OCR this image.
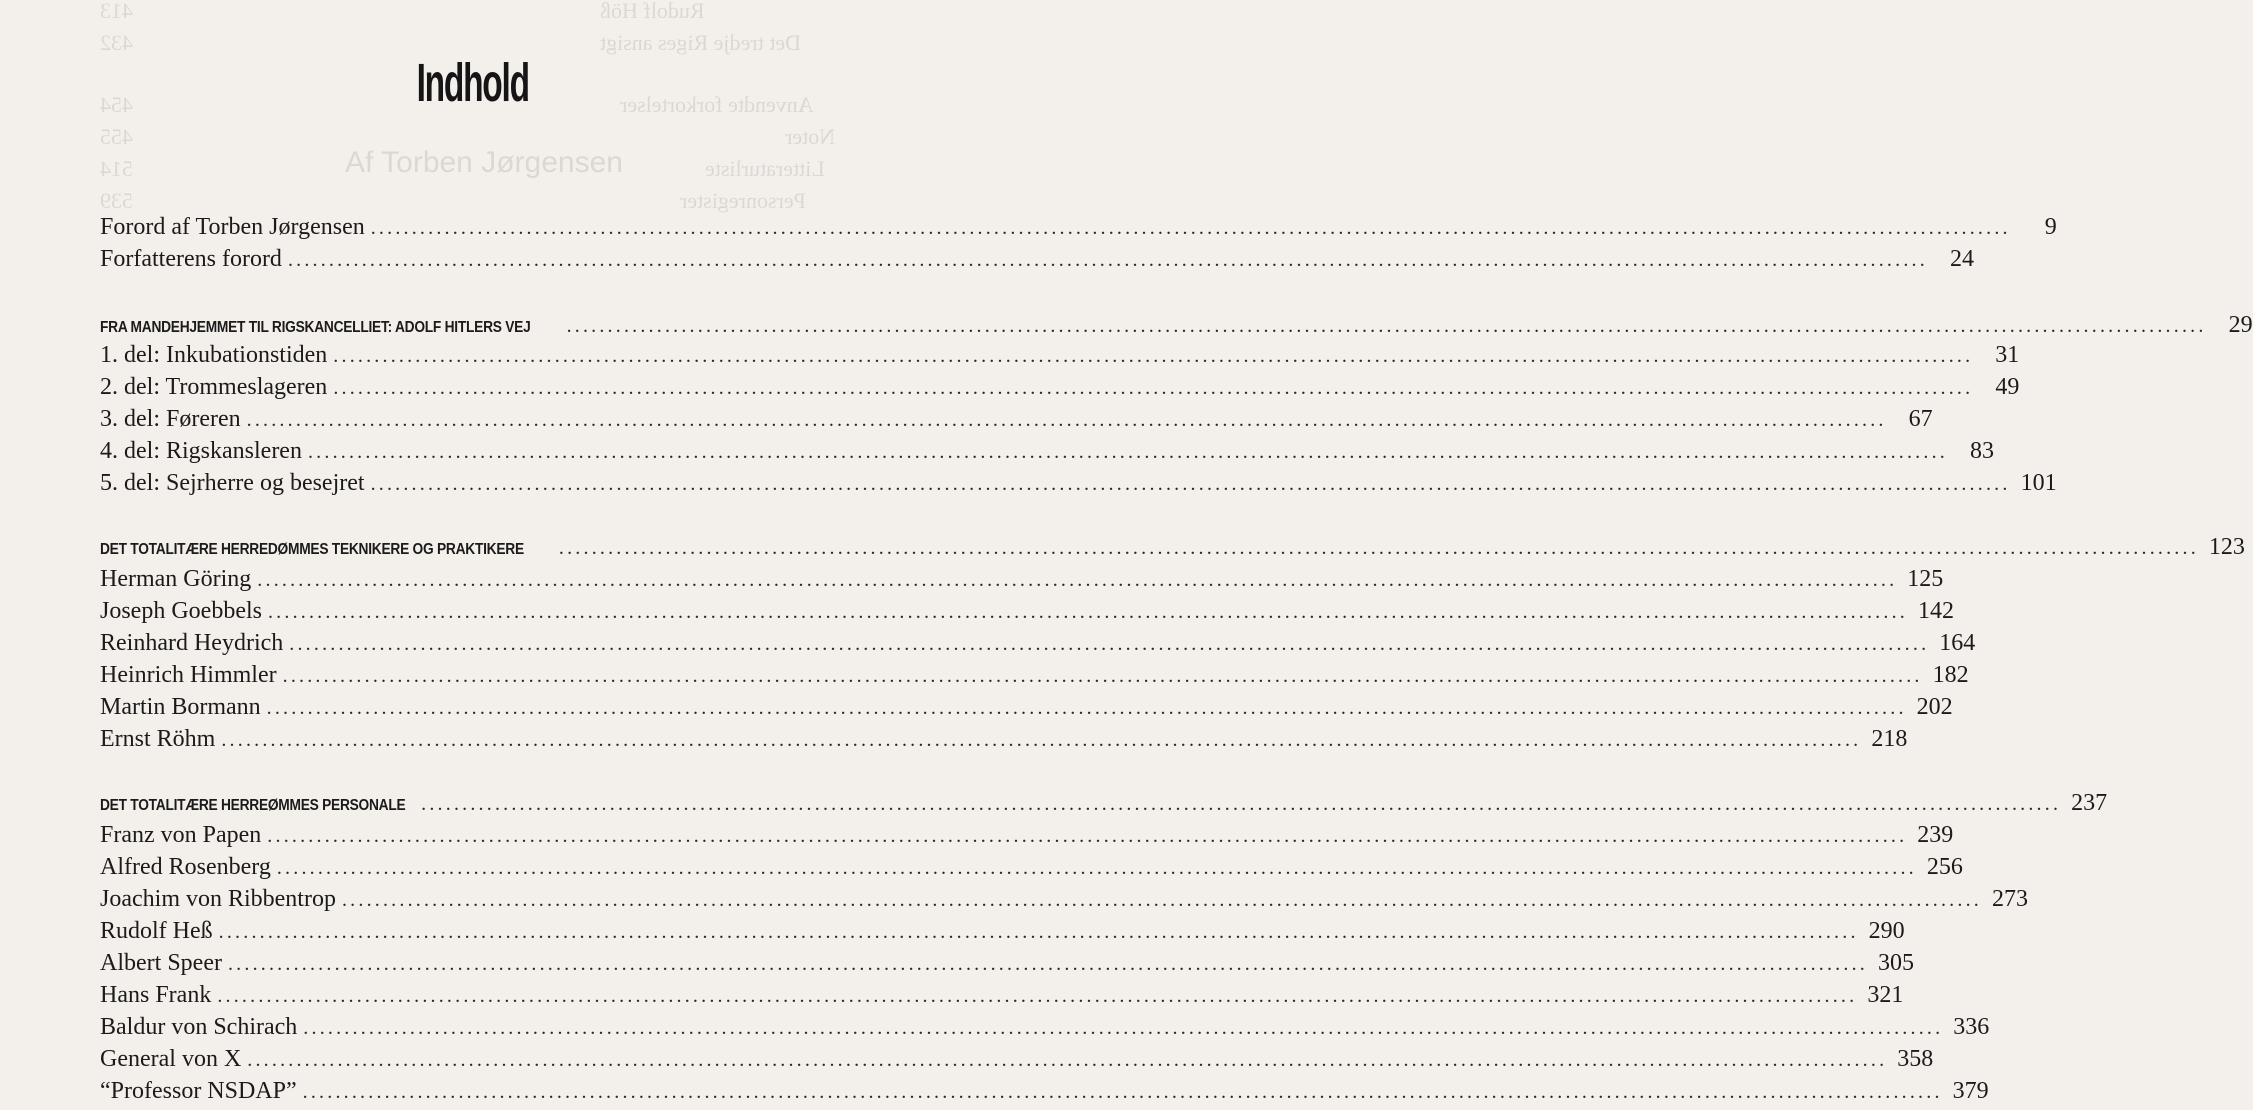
Rudolf Höß
413
Det tredje Riges ansigt
432
Anvendte forkortelser
454
Noter
455
Litteraturliste
514
Personregister
539
Af Torben Jørgensen
Indhold
Forord af Torben Jørgensen ........................................................................................................................................................................................................	9
Forfatterens forord ........................................................................................................................................................................................................ 24
FRA MANDEHJEMMET TIL RIGSKANCELLIET: ADOLF HITLERS VEJ ........................................................................................................................................................................................................ 29
1. del: Inkubationstiden ........................................................................................................................................................................................................ 31
2. del: Trommeslageren ........................................................................................................................................................................................................ 49
3. del: Føreren ........................................................................................................................................................................................................ 67
4. del: Rigskansleren ........................................................................................................................................................................................................ 83
5. del: Sejrherre og besejret ........................................................................................................................................................................................................ 101
DET TOTALITÆRE HERREDØMMES TEKNIKERE OG PRAKTIKERE ........................................................................................................................................................................................................ 123
Herman Göring ........................................................................................................................................................................................................ 125
Joseph Goebbels ........................................................................................................................................................................................................ 142
Reinhard Heydrich ........................................................................................................................................................................................................ 164
Heinrich Himmler ........................................................................................................................................................................................................ 182
Martin Bormann ........................................................................................................................................................................................................ 202
Ernst Röhm ........................................................................................................................................................................................................ 218
DET TOTALITÆRE HERREØMMES PERSONALE ........................................................................................................................................................................................................ 237
Franz von Papen ........................................................................................................................................................................................................ 239
Alfred Rosenberg ........................................................................................................................................................................................................ 256
Joachim von Ribbentrop ........................................................................................................................................................................................................ 273
Rudolf Heß ........................................................................................................................................................................................................ 290
Albert Speer ........................................................................................................................................................................................................ 305
Hans Frank ........................................................................................................................................................................................................ 321
Baldur von Schirach ........................................................................................................................................................................................................ 336
General von X ........................................................................................................................................................................................................ 358
“Professor NSDAP” ........................................................................................................................................................................................................ 379
